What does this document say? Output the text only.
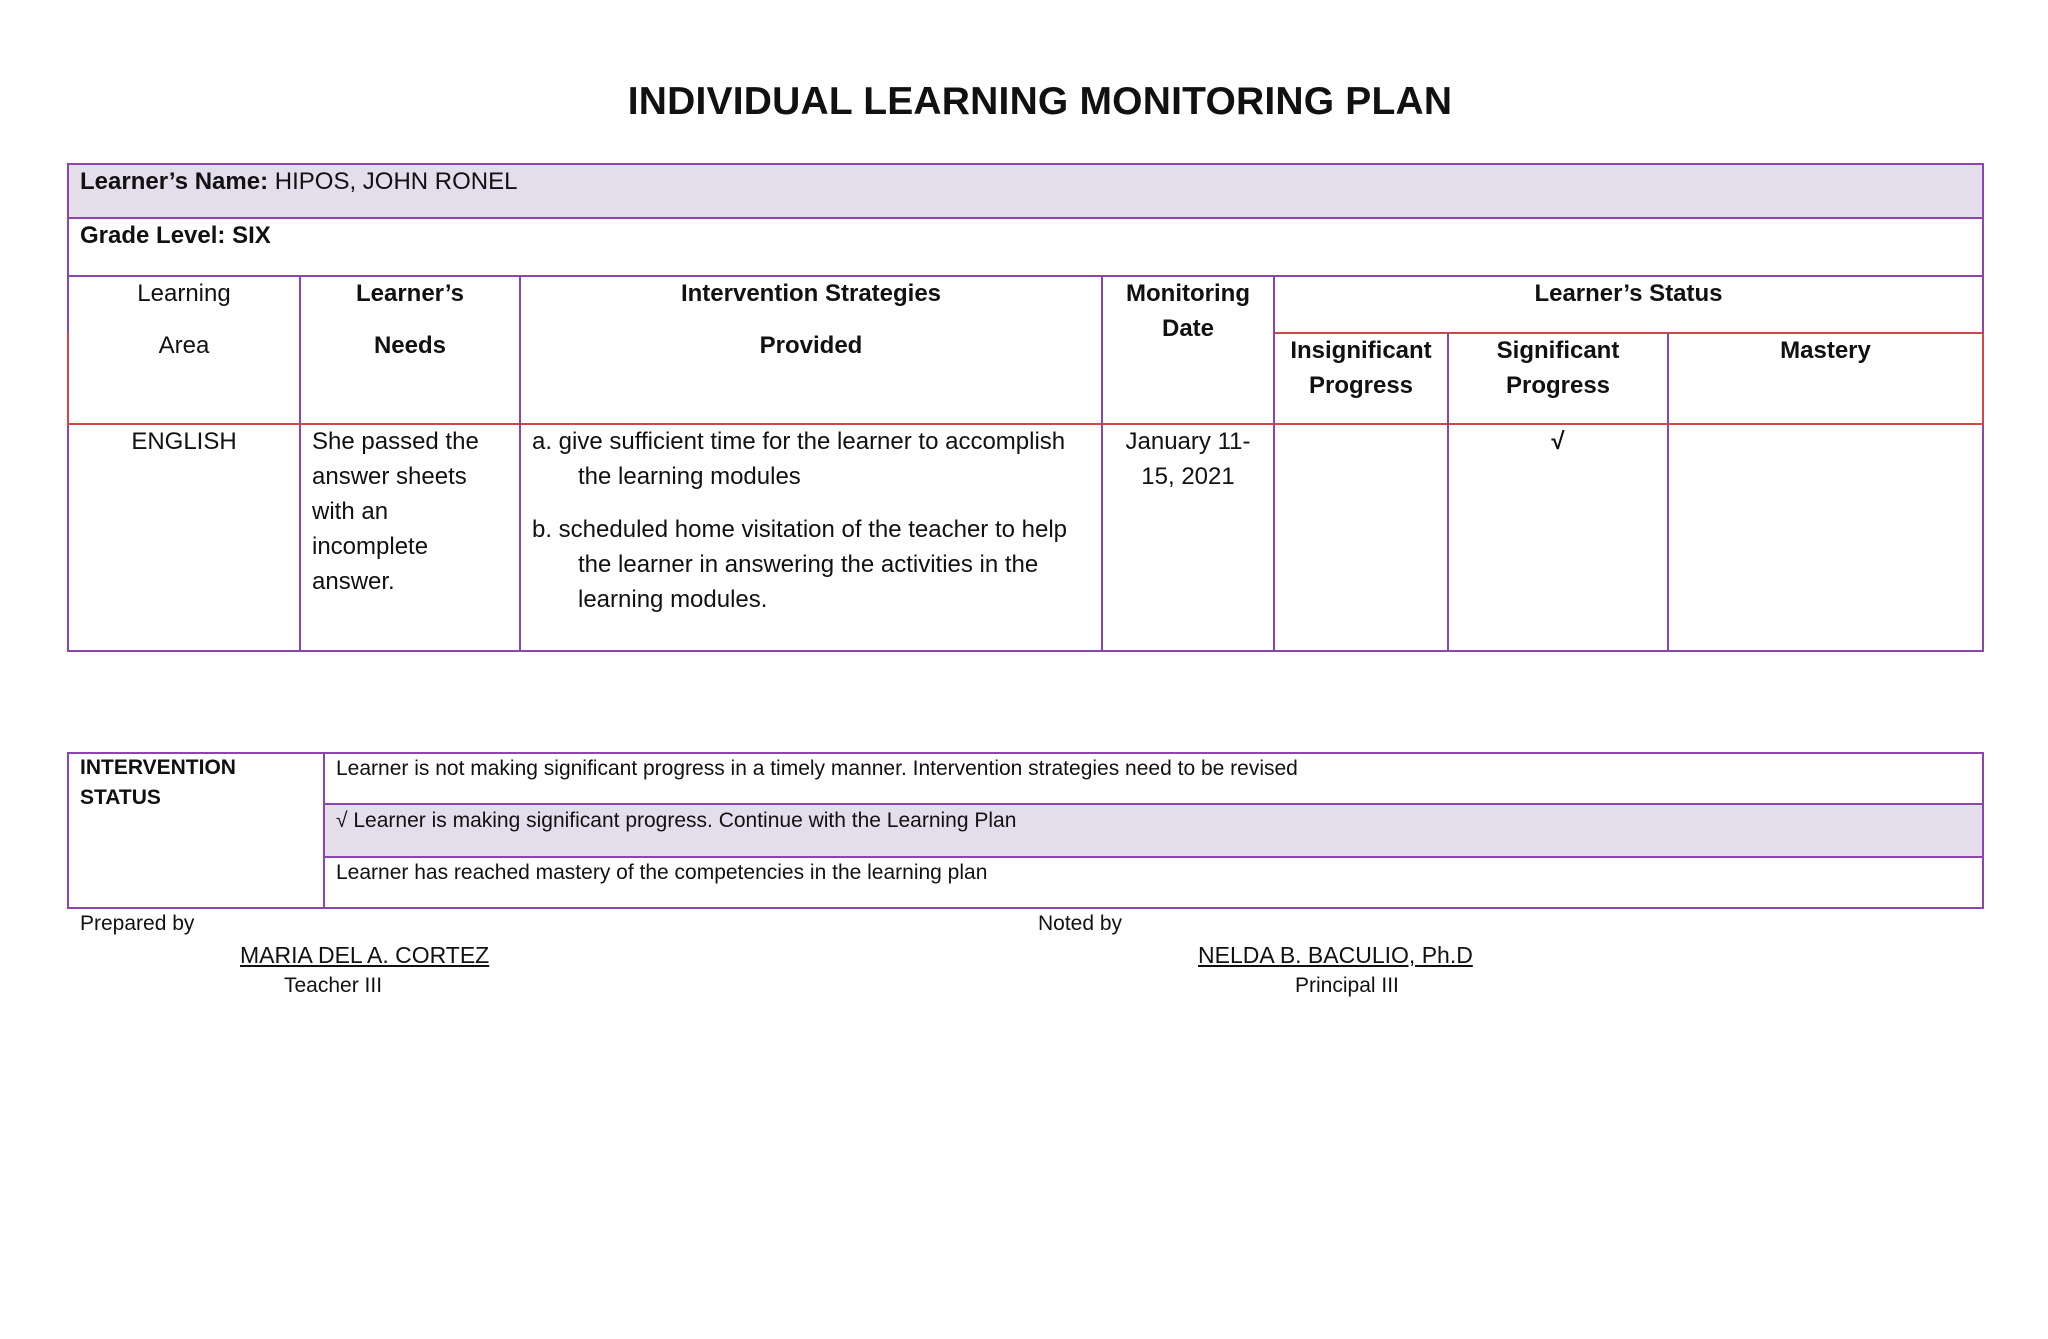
INDIVIDUAL LEARNING MONITORING PLAN
Learner’s Name: HIPOS, JOHN RONEL
Grade Level: SIX
Learning
Area
Learner’s
Needs
Intervention Strategies
Provided
Monitoring
Date
Learner’s Status
Insignificant
Progress
Significant
Progress
Mastery
ENGLISH	She passed the
answer sheets
with an
incomplete
answer.
a. give sufficient time for the learner to accomplish the learning modules
b. scheduled home visitation of the teacher to help the learner in answering the activities in the learning modules.
January 11-
15, 2021
√
INTERVENTION
STATUS
Learner is not making significant progress in a timely manner. Intervention strategies need to be revised
√ Learner is making significant progress. Continue with the Learning Plan
Learner has reached mastery of the competencies in the learning plan
Prepared by
MARIA DEL A. CORTEZ
Teacher III
Noted by
NELDA B. BACULIO, Ph.D
Principal III
